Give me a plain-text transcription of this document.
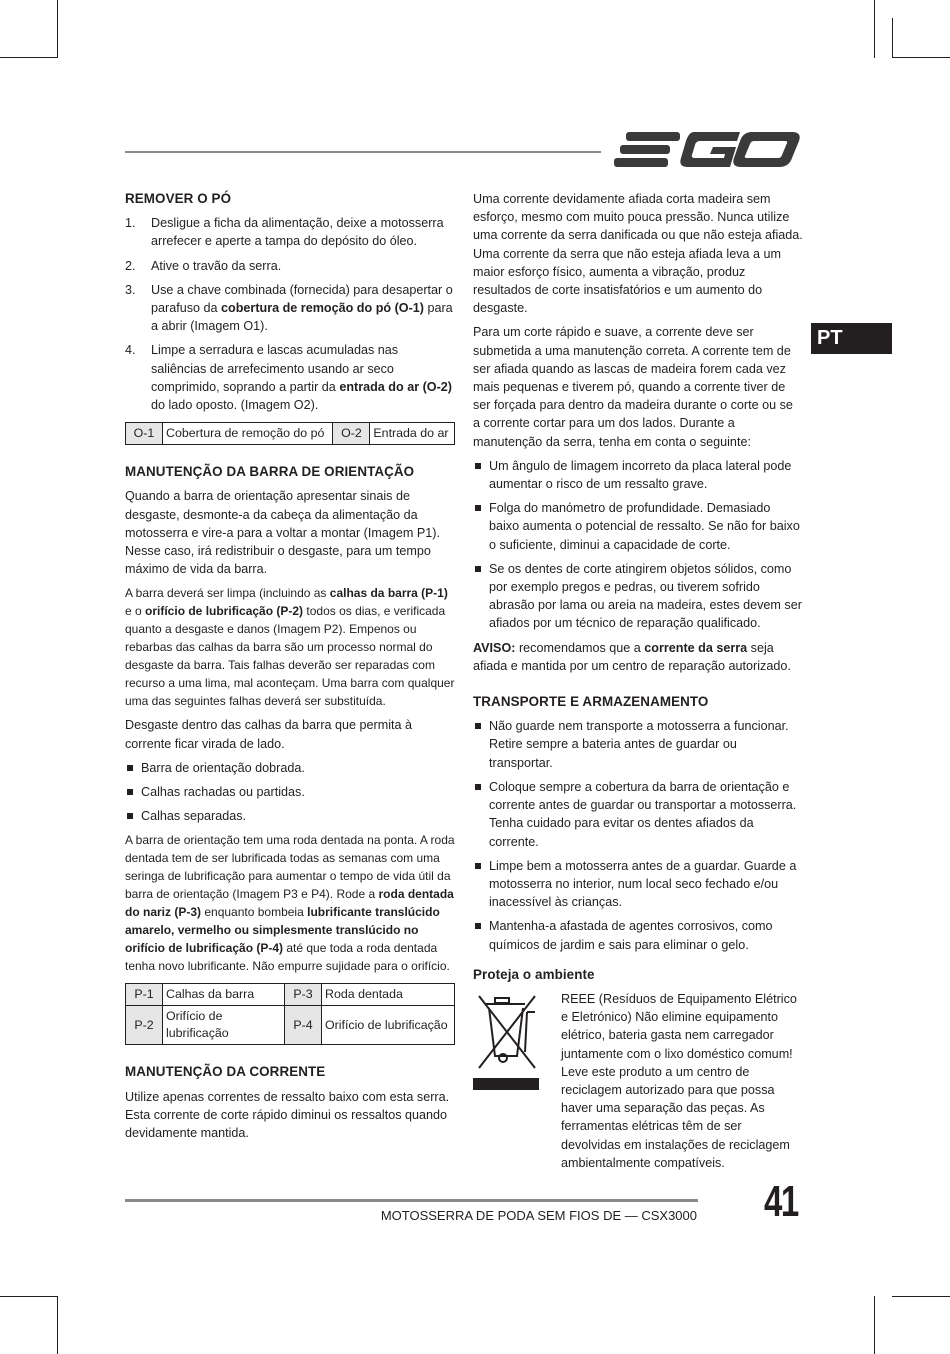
PT
REMOVER O PÓ
1. Desligue a ficha da alimentação, deixe a motosserra arrefecer e aperte a tampa do depósito do óleo.
2. Ative o travão da serra.
3. Use a chave combinada (fornecida) para desapertar o parafuso da cobertura de remoção do pó (O-1) para a abrir (Imagem O1).
4. Limpe a serradura e lascas acumuladas nas saliências de arrefecimento usando ar seco comprimido, soprando a partir da entrada do ar (O-2) do lado oposto. (Imagem O2).
O-1	Cobertura de remoção do pó	O-2	Entrada do ar
MANUTENÇÃO DA BARRA DE ORIENTAÇÃO

Quando a barra de orientação apresentar sinais de desgaste, desmonte-a da cabeça da alimentação da motosserra e vire-a para a voltar a montar (Imagem P1). Nesse caso, irá redistribuir o desgaste, para um tempo máximo de vida da barra.

A barra deverá ser limpa (incluindo as calhas da barra (P-1) e o orifício de lubrificação (P-2) todos os dias, e verificada quanto a desgaste e danos (Imagem P2). Empenos ou rebarbas das calhas da barra são um processo normal do desgaste da barra. Tais falhas deverão ser reparadas com recurso a uma lima, mal aconteçam. Uma barra com qualquer uma das seguintes falhas deverá ser substituída.

Desgaste dentro das calhas da barra que permita à corrente ficar virada de lado.

Barra de orientação dobrada.
Calhas rachadas ou partidas.
Calhas separadas.

A barra de orientação tem uma roda dentada na ponta. A roda dentada tem de ser lubrificada todas as semanas com uma seringa de lubrificação para aumentar o tempo de vida útil da barra de orientação (Imagem P3 e P4). Rode a roda dentada do nariz (P-3) enquanto bombeia lubrificante translúcido amarelo, vermelho ou simplesmente translúcido no orifício de lubrificação (P-4) até que toda a roda dentada tenha novo lubrificante. Não empurre sujidade para o orifício.

P-1	Calhas da barra	P-3	Roda dentada
P-2	Orifício de lubrificação	P-4	Orifício de lubrificação
MANUTENÇÃO DA CORRENTE

Utilize apenas correntes de ressalto baixo com esta serra. Esta corrente de corte rápido diminui os ressaltos quando devidamente mantida.

Uma corrente devidamente afiada corta madeira sem esforço, mesmo com muito pouca pressão. Nunca utilize uma corrente da serra danificada ou que não esteja afiada. Uma corrente da serra que não esteja afiada leva a um maior esforço físico, aumenta a vibração, produz resultados de corte insatisfatórios e um aumento do desgaste.

Para um corte rápido e suave, a corrente deve ser submetida a uma manutenção correta. A corrente tem de ser afiada quando as lascas de madeira forem cada vez mais pequenas e tiverem pó, quando a corrente tiver de ser forçada para dentro da madeira durante o corte ou se a corrente cortar para um dos lados. Durante a manutenção da serra, tenha em conta o seguinte:

Um ângulo de limagem incorreto da placa lateral pode aumentar o risco de um ressalto grave.
Folga do manómetro de profundidade. Demasiado baixo aumenta o potencial de ressalto. Se não for baixo o suficiente, diminui a capacidade de corte.
Se os dentes de corte atingirem objetos sólidos, como por exemplo pregos e pedras, ou tiverem sofrido abrasão por lama ou areia na madeira, estes devem ser afiados por um técnico de reparação qualificado.

AVISO: recomendamos que a corrente da serra seja afiada e mantida por um centro de reparação autorizado.

TRANSPORTE E ARMAZENAMENTO
Não guarde nem transporte a motosserra a funcionar. Retire sempre a bateria antes de guardar ou transportar.
Coloque sempre a cobertura da barra de orientação e corrente antes de guardar ou transportar a motosserra. Tenha cuidado para evitar os dentes afiados da corrente.
Limpe bem a motosserra antes de a guardar. Guarde a motosserra no interior, num local seco fechado e/ou inacessível às crianças.
Mantenha-a afastada de agentes corrosivos, como químicos de jardim e sais para eliminar o gelo.
Proteja o ambiente

REEE (Resíduos de Equipamento Elétrico e Eletrónico) Não elimine equipamento elétrico, bateria gasta nem carregador juntamente com o lixo doméstico comum! Leve este produto a um centro de reciclagem autorizado para que possa haver uma separação das peças. As ferramentas elétricas têm de ser devolvidas em instalações de reciclagem ambientalmente compatíveis.

MOTOSSERRA DE PODA SEM FIOS DE — CSX3000 41
